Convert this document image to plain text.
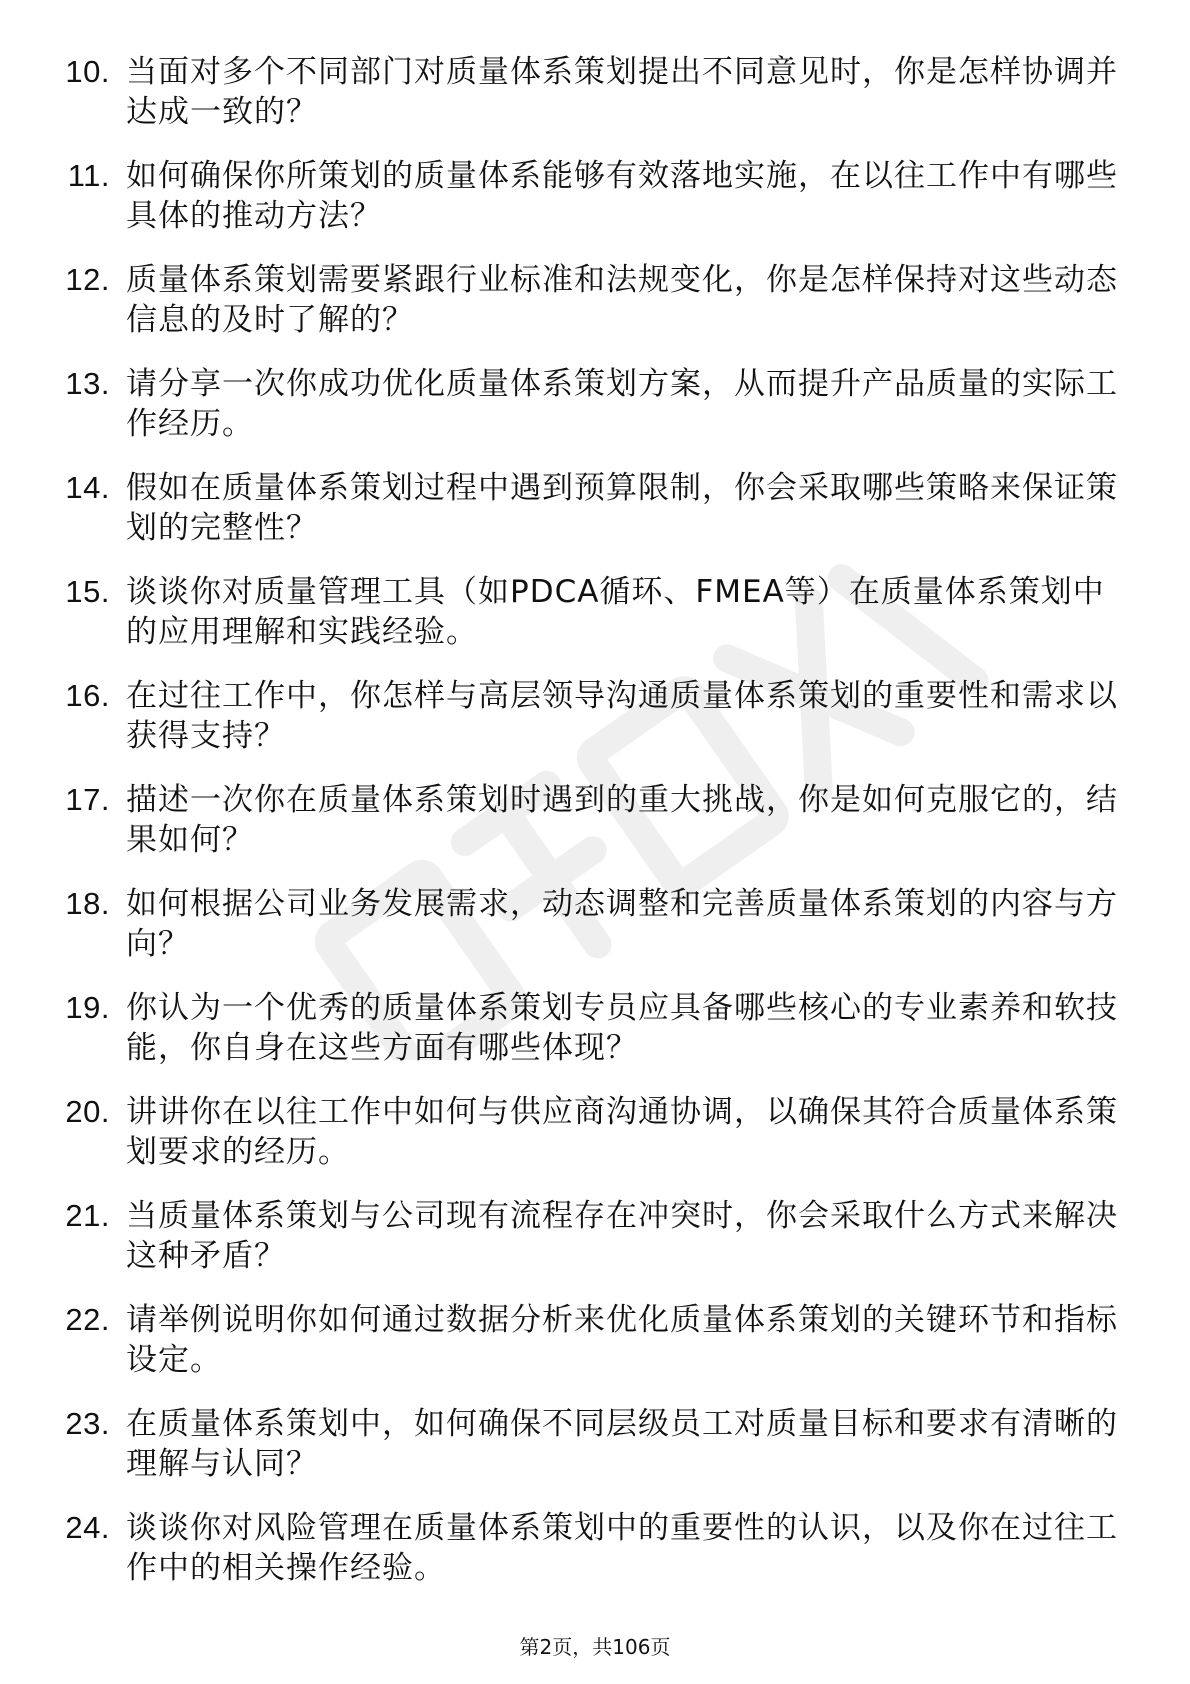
10. 当面对多个不同部门对质量体系策划提出不同意见时，你是怎样协调并达成一致的？
11. 如何确保你所策划的质量体系能够有效落地实施，在以往工作中有哪些具体的推动方法？
12. 质量体系策划需要紧跟行业标准和法规变化，你是怎样保持对这些动态信息的及时了解的？
13. 请分享一次你成功优化质量体系策划方案，从而提升产品质量的实际工作经历。
14. 假如在质量体系策划过程中遇到预算限制，你会采取哪些策略来保证策划的完整性？
15. 谈谈你对质量管理工具（如PDCA循环、FMEA等）在质量体系策划中的应用理解和实践经验。
16. 在过往工作中，你怎样与高层领导沟通质量体系策划的重要性和需求以获得支持？
17. 描述一次你在质量体系策划时遇到的重大挑战，你是如何克服它的，结果如何？
18. 如何根据公司业务发展需求，动态调整和完善质量体系策划的内容与方向？
19. 你认为一个优秀的质量体系策划专员应具备哪些核心的专业素养和软技能，你自身在这些方面有哪些体现？
20. 讲讲你在以往工作中如何与供应商沟通协调，以确保其符合质量体系策划要求的经历。
21. 当质量体系策划与公司现有流程存在冲突时，你会采取什么方式来解决这种矛盾？
22. 请举例说明你如何通过数据分析来优化质量体系策划的关键环节和指标设定。
23. 在质量体系策划中，如何确保不同层级员工对质量目标和要求有清晰的理解与认同？
24. 谈谈你对风险管理在质量体系策划中的重要性的认识，以及你在过往工作中的相关操作经验。
第2页，共106页
